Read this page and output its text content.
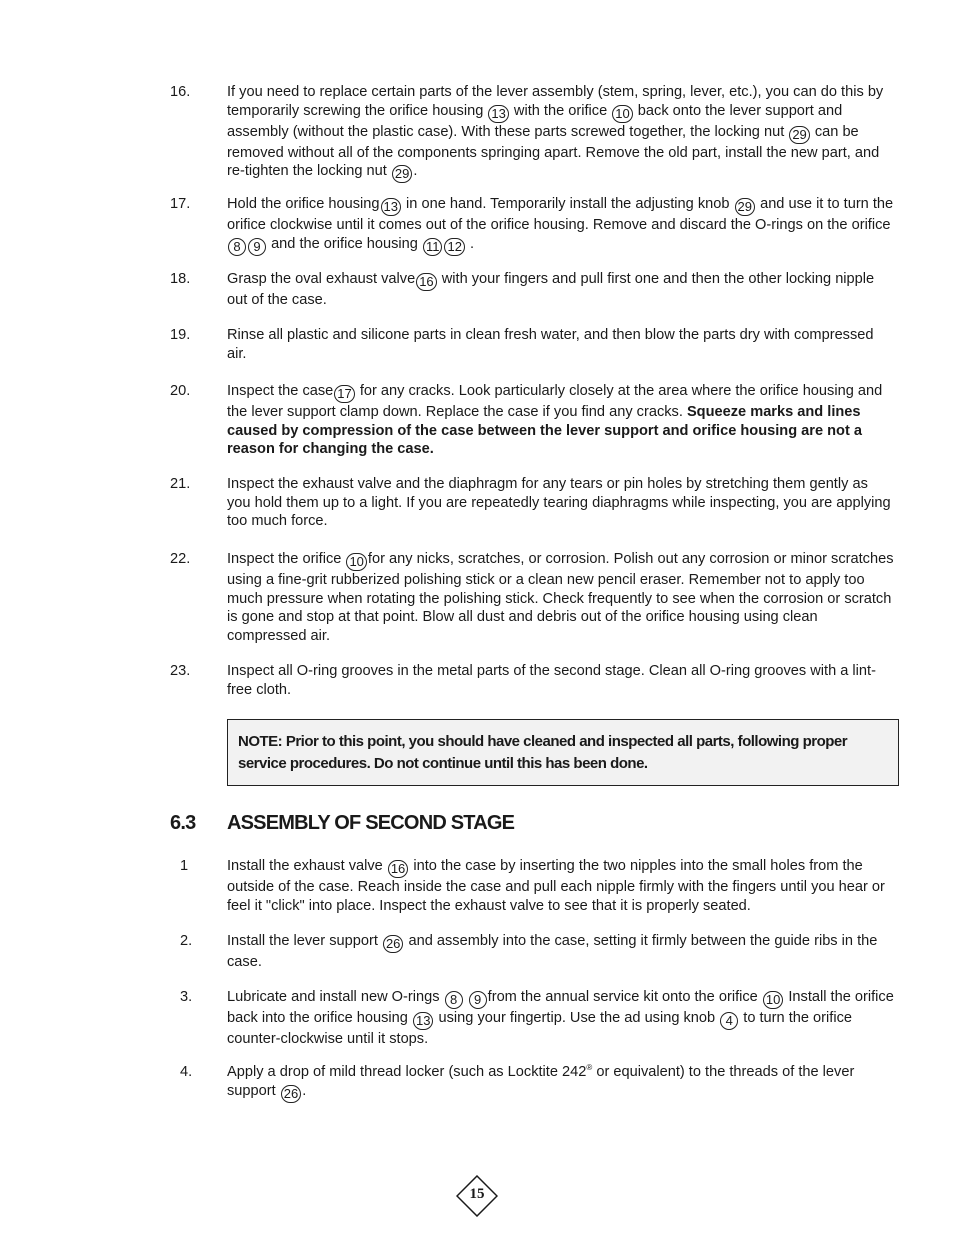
16.	If you need to replace certain parts of the lever assembly (stem, spring, lever, etc.), you can do this by temporarily screwing the orifice housing 13 with the orifice 10 back onto the lever support and assembly (without the plastic case). With these parts screwed together, the locking nut 29 can be removed without all of the components springing apart. Remove the old part, install the new part, and re-tighten the locking nut 29 .
17.	Hold the orifice housing 13 in one hand. Temporarily install the adjusting knob 29 and use it to turn the orifice clockwise until it comes out of the orifice housing. Remove and discard the O-rings on the orifice 8 9 and the orifice housing 11 12 .
18.	Grasp the oval exhaust valve 16 with your fingers and pull first one and then the other locking nipple out of the case.
19.	Rinse all plastic and silicone parts in clean fresh water, and then blow the parts dry with compressed air.
20.	Inspect the case 17 for any cracks. Look particularly closely at the area where the orifice housing and the lever support clamp down. Replace the case if you find any cracks. Squeeze marks and lines caused by compression of the case between the lever support and orifice housing are not a reason for changing the case.
21.	Inspect the exhaust valve and the diaphragm for any tears or pin holes by stretching them gently as you hold them up to a light. If you are repeatedly tearing diaphragms while inspecting, you are applying too much force.
22.	Inspect the orifice 10 for any nicks, scratches, or corrosion. Polish out any corrosion or minor scratches using a fine-grit rubberized polishing stick or a clean new pencil eraser. Remember not to apply too much pressure when rotating the polishing stick. Check frequently to see when the corrosion or scratch is gone and stop at that point. Blow all dust and debris out of the orifice housing using clean compressed air.
23.	Inspect all O-ring grooves in the metal parts of the second stage. Clean all O-ring grooves with a lint-free cloth.
NOTE: Prior to this point, you should have cleaned and inspected all parts, following proper service procedures. Do not continue until this has been done.
6.3 ASSEMBLY OF SECOND STAGE
1	Install the exhaust valve 16 into the case by inserting the two nipples into the small holes from the outside of the case. Reach inside the case and pull each nipple firmly with the fingers until you hear or feel it "click" into place. Inspect the exhaust valve to see that it is properly seated.
2.	Install the lever support 26 and assembly into the case, setting it firmly between the guide ribs in the case.
3.	Lubricate and install new O-rings 8 9 from the annual service kit onto the orifice 10 Install the orifice back into the orifice housing 13 using your fingertip. Use the ad using knob 4 to turn the orifice counter-clockwise until it stops.
4.	Apply a drop of mild thread locker (such as Locktite 242® or equivalent) to the threads of the lever support 26 .
15
